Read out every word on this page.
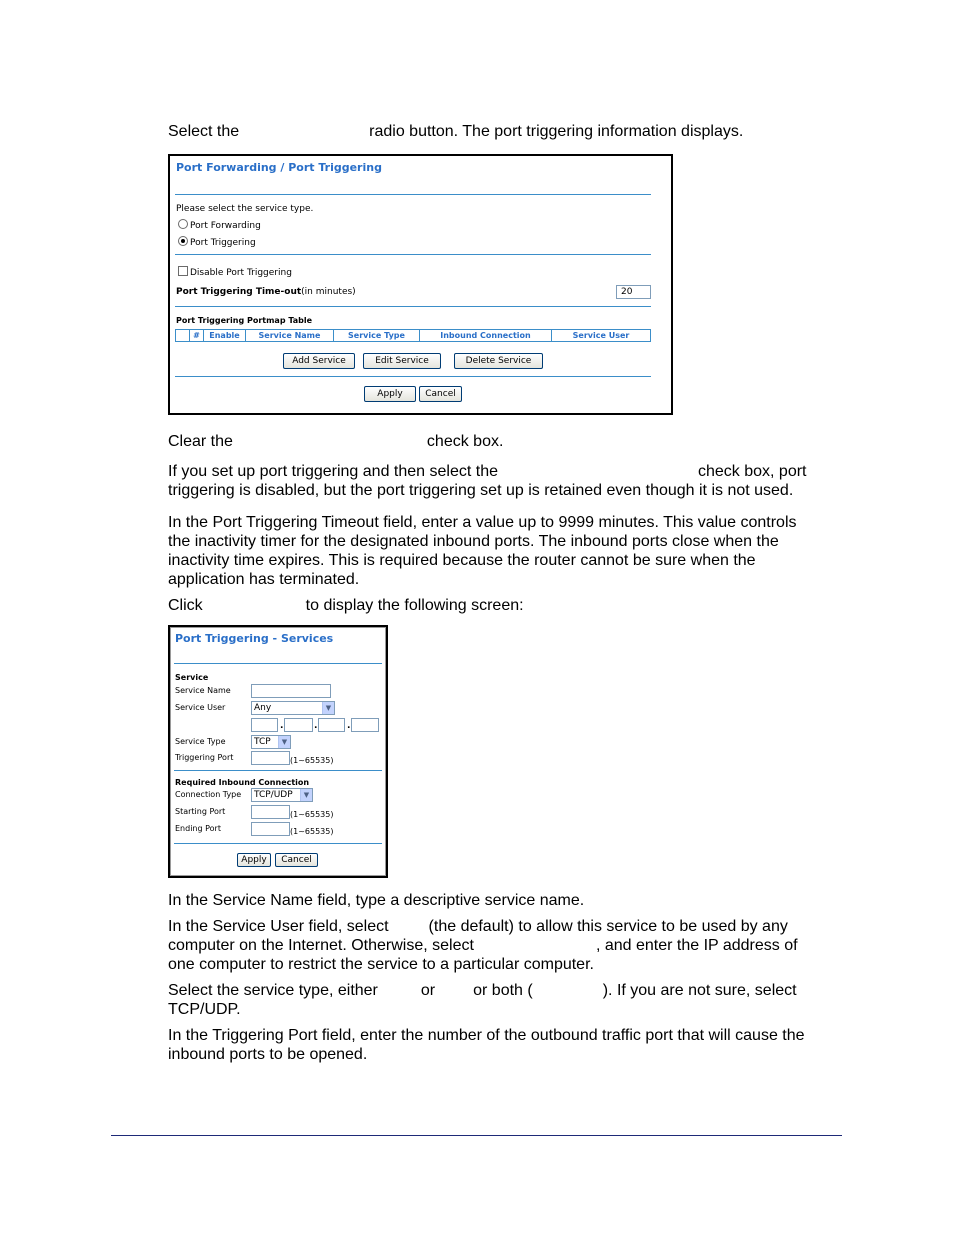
Select the	radio button. The port triggering information displays.

Port Forwarding / Port Triggering
Please select the service type.
Port Forwarding
Port Triggering
Disable Port Triggering
Port Triggering Time-out(in minutes)	20
Port Triggering Portmap Table
#	Enable	Service Name	Service Type	Inbound Connection	Service User
Add Service	Edit Service	Delete Service
Apply	Cancel

Clear the	check box.

If you set up port triggering and then select the	check box, port
triggering is disabled, but the port triggering set up is retained even though it is not used.

In the Port Triggering Timeout field, enter a value up to 9999 minutes. This value controls
the inactivity timer for the designated inbound ports. The inbound ports close when the
inactivity time expires. This is required because the router cannot be sure when the
application has terminated.

Click	to display the following screen:

Port Triggering - Services
Service
Service Name
Service User	Any	▼
.	.	.
Service Type	TCP	▼
Triggering Port	(1~65535)
Required Inbound Connection
Connection Type	TCP/UDP	▼
Starting Port	(1~65535)
Ending Port	(1~65535)
Apply	Cancel

In the Service Name field, type a descriptive service name.

In the Service User field, select	(the default) to allow this service to be used by any
computer on the Internet. Otherwise, select	, and enter the IP address of
one computer to restrict the service to a particular computer.

Select the service type, either	or or both (	). If you are not sure, select
TCP/UDP.

In the Triggering Port field, enter the number of the outbound traffic port that will cause the
inbound ports to be opened.
